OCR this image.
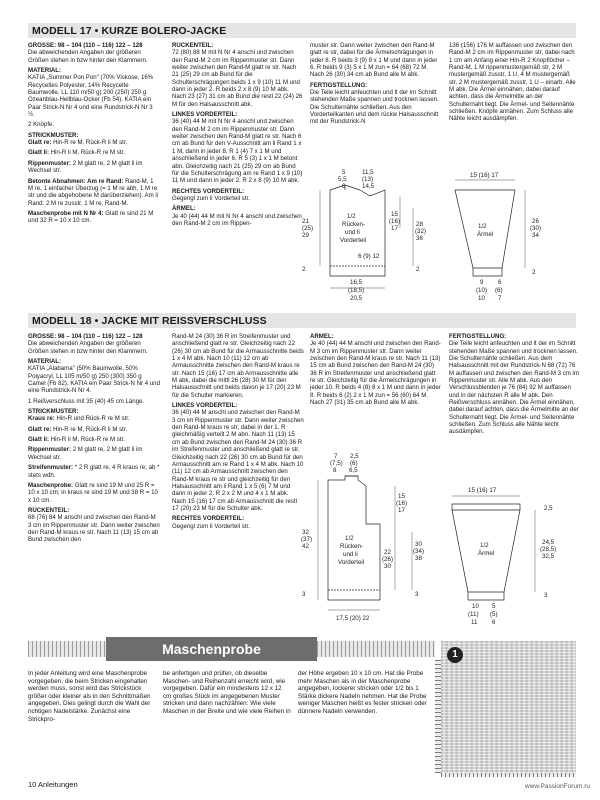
MODELL 17 • KURZE BOLERO-JACKE

GRÖSSE: 98 – 104 (110 – 116) 122 – 128

Die abweichenden Angaben der größeren Größen stehen in bzw hinter den Klammern.

MATERIAL:

KATIA „Summer Pon Pon" (70% Viskose, 16% Recyceltes Polyester, 14% Recycelte Baumwolle, LL 110 m/50 g) 200 (250) 250 g Ozeanblau-Hellblau-Ocker (Fb 54). KATIA ein Paar Strick-N Nr 4 und eine Rundstrick-N Nr 3 ½.

2 Knöpfe.

STRICKMUSTER:

Glatt re: Hin-R re M, Rück-R li M str.

Glatt li: Hin-R li M, Rück-R re M str.

Rippenmuster: 2 M glatt re, 2 M glatt li im Wechsel str.

Betonte Abnahmen: Am re Rand: Rand-M, 1 M re, 1 einfacher Überzug (= 1 M re abh, 1 M re str und die abgehobene M darüberziehen). Am li Rand: 2 M re zusstr, 1 M re, Rand-M.

Maschenprobe mit N Nr 4: Glatt re sind 21 M und 32 R = 10 x 10 cm.

RÜCKENTEIL:

72 (80) 88 M mit N Nr 4 anschl und zwischen den Rand-M 2 cm im Rippenmuster str. Dann weiter zwischen den Rand-M glatt re str. Nach 21 (25) 29 cm ab Bund für die Schulterschrägungen beids 1 x 9 (10) 11 M und dann in jeder 2. R beids 2 x 8 (9) 10 M abk. Nach 23 (27) 31 cm ab Bund die restl 22 (24) 26 M für den Halsausschnitt abk.

LINKES VORDERTEIL:

36 (40) 44 M mit N Nr 4 anschl und zwischen den Rand-M 2 cm im Rippenmuster str. Dann weiter zwischen den Rand-M glatt re str. Nach 6 cm ab Bund für den V-Ausschnitt am li Rand 1 x 1 M, dann in jeder 8. R 1 (4) 7 x 1 M und anschließend in jeder 6. R 5 (3) 1 x 1 M betont abn. Gleichzeitig nach 21 (25) 29 cm ab Bund für die Schulterschrägung am re Rand 1 x 9 (10) 11 M und dann in jeder 2. R 2 x 8 (9) 10 M abk.

RECHTES VORDERTEIL:

Gegengl zum li Vorderteil str.

ÄRMEL:

Je 40 (44) 44 M mit N Nr 4 anschl und zwischen den Rand-M 2 cm im Rippen-

muster str. Dann weiter zwischen den Rand-M glatt re str, dabei für die Ärmelschrägungen in jeder 8. R beids 3 (9) 9 x 1 M und dann in jeder 6. R beids 9 (3) 5 x 1 M zun = 64 (68) 72 M. Nach 26 (30) 34 cm ab Bund alle M abk.

FERTIGSTELLUNG:

Die Teile leicht anfeuchten und lt der im Schnitt stehenden Maße spannen und trocknen lassen. Die Schulternähte schließen. Aus den Vorderteilkanten und dem rückw Halsausschnitt mit der Rundstrick-N

136 (156) 176 M auffassen und zwischen den Rand-M 2 cm im Rippenmuster str, dabei nach 1 cm am Anfang einer Hin-R 2 Knopflöcher – Rand-M, 1 M rippenmustergemäß str, 2 M mustergemäß zusstr, 1 U, 4 M mustergemäß str, 2 M mustergemäß zusstr, 1 U – einarb. Alle M abk. Die Ärmel einnähen, dabei darauf achten, dass die Ärmelmitte an der Schulternaht liegt. Die Ärmel- und Seitennähte schließen. Knöpfe annähen. Zum Schluss alle Nähte leicht ausdämpfen.

5	11,5
5,5 (13)
6	14,5
21
(25)
29
2
1/2
Rücken-
und li
Vorderteil
15
(16)
17
28
(32)
36
2
6 (9) 12
16,5
(18,5)
20,5
15 (16) 17
1/2
Ärmel
26
(30)
34
2
9 6
(10) (6)
10 7
MODELL 18 • JACKE MIT REISSVERSCHLUSS

GRÖSSE: 98 – 104 (110 – 116) 122 – 128

Die abweichenden Angaben der größeren Größen stehen in bzw hinter den Klammern.

MATERIAL:

KATIA „Alabama" (50% Baumwolle, 50% Polyacryl, LL 105 m/50 g) 250 (300) 350 g Camel (Fb 82). KATIA ein Paar Strick-N Nr 4 und eine Rundstrick-N Nr 4.

1 Reißverschluss mit 35 (40) 45 cm Länge.

STRICKMUSTER:

Kraus re: Hin-R und Rück-R re M str.

Glatt re: Hin-R re M, Rück-R li M str.

Glatt li: Hin-R li M, Rück-R re M str.

Rippenmuster: 2 M glatt re, 2 M glatt li im Wechsel str.

Streifenmuster: * 2 R glatt re, 4 R kraus re; ab * stets wdh.

Maschenprobe: Glatt re sind 19 M und 25 R = 10 x 10 cm; in kraus re sind 19 M und 38 R = 10 x 10 cm.

RÜCKENTEIL:

68 (76) 84 M anschl und zwischen den Rand-M 3 cm im Rippenmuster str. Dann weiter zwischen den Rand-M kraus re str. Nach 11 (13) 15 cm ab Bund zwischen den

Rand-M 24 (30) 36 R im Streifenmuster und anschließend glatt re str. Gleichzeitig nach 22 (26) 30 cm ab Bund für die Armausschnitte beids 1 x 4 M abk. Nach 10 (11) 12 cm ab Armausschnitte zwischen den Rand-M kraus re str. Nach 15 (16) 17 cm ab Armausschnitte alle M abk, dabei die mittl 26 (28) 30 M für den Halsausschnitt und beids davon je 17 (20) 23 M für die Schulter markieren.

LINKES VORDERTEIL:

36 (40) 44 M anschl und zwischen den Rand-M 3 cm im Rippenmuster str. Dann weiter zwischen den Rand-M kraus re str, dabei in der 1. R gleichmäßig verteilt 2 M abn. Nach 11 (13) 15 cm ab Bund zwischen den Rand-M 24 (30) 36 R im Streifenmuster und anschließend glatt re str. Gleichzeitig nach 22 (26) 30 cm ab Bund für den Armausschnitt am re Rand 1 x 4 M abk. Nach 10 (11) 12 cm ab Armausschnitt zwischen den Rand-M kraus re str und gleichzeitig für den Halsausschnitt am li Rand 1 x 5 (6) 7 M und dann in jeder 2. R 2 x 2 M und 4 x 1 M abk. Nach 15 (16) 17 cm ab Armausschnitt die restl 17 (20) 23 M für die Schulter abk.

RECHTES VORDERTEIL:

Gegengl zum li Vorderteil str.

ÄRMEL:

Je 40 (44) 44 M anschl und zwischen den Rand-M 3 cm im Rippenmuster str. Dann weiter zwischen den Rand-M kraus re str. Nach 11 (13) 15 cm ab Bund zwischen den Rand-M 24 (30) 36 R im Streifenmuster und anschließend glatt re str. Gleichzeitig für die Ärmelschrägungen in jeder 10. R beids 4 (8) 8 x 1 M und dann in jeder 8. R beids 6 (2) 2 x 1 M zun = 56 (60) 64 M. Nach 27 (31) 35 cm ab Bund alle M abk.

FERTIGSTELLUNG:

Die Teile leicht anfeuchten und lt der im Schnitt stehenden Maße spannen und trocknen lassen. Die Schulternähte schließen. Aus dem Halsausschnitt mit der Rundstrick-N 68 (72) 76 M auffassen und zwischen den Rand-M 3 cm im Rippenmuster str. Alle M abk. Aus den Verschlussblenden je 76 (84) 92 M auffassen und in der nächsten R alle M abk. Den Reißverschluss annähen. Die Ärmel einnähen, dabei darauf achten, dass die Ärmelmitte an der Schulternaht liegt. Die Ärmel- und Seitennähte schließen. Zum Schluss alle Nähte leicht ausdämpfen.

7
(7,5)
8
2,5
(6)
6,5
32
(37)
42
3
1/2
Rücken-
und li
Vorderteil
15
(16)
17
22
(26)
30
30
(34)
38
3
17,5 (20) 22
15 (16) 17
1/2
Ärmel
2,5
24,5
(28,5)
32,5
3
10 5
(11) (5)
11 6
Maschenprobe
In jeder Anleitung wird eine Maschenprobe vorgegeben, die beim Stricken eingehalten werden muss, sonst wird das Strickstück größer oder kleiner als in den Schnittmaßen angegeben. Dies gelingt durch die Wahl der richtigen Nadelstärke. Zunächst eine Strickpro-
be anfertigen und prüfen, ob dieselbe Maschen- und Reihenzahl erreicht wird, wie vorgegeben. Dafür ein mindestens 12 x 12 cm großes Stück im angegebenen Muster stricken und dann nachzählen: Wie viele Maschen in der Breite und wie viele Reihen in
der Höhe ergeben 10 x 10 cm. Hat die Probe mehr Maschen als in der Maschenprobe angegeben, lockerer stricken oder 1/2 bis 1 Stärke dickere Nadeln nehmen. Hat die Probe weniger Maschen heißt es fester stricken oder dünnere Nadeln verwenden.
1
10 Anleitungen	www.PassionForum.ru
